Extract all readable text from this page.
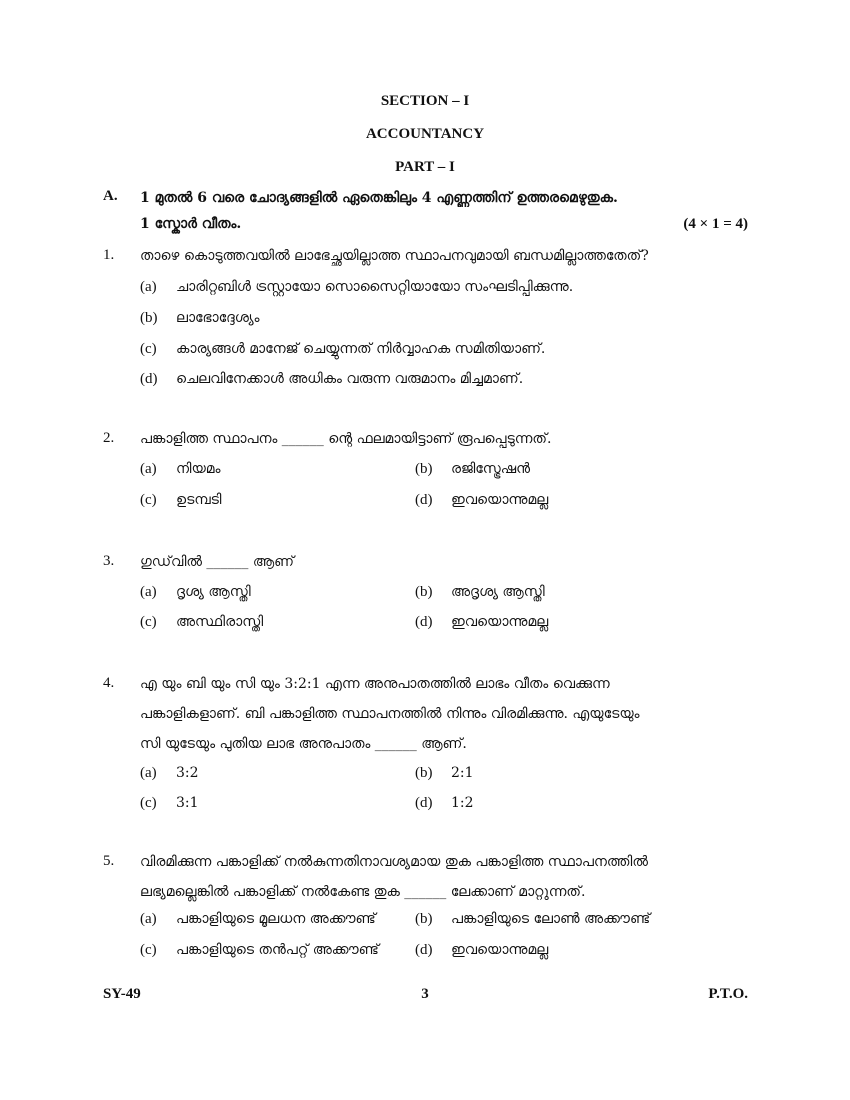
SECTION – I
ACCOUNTANCY
PART – I
A. 1 മുതൽ 6 വരെ ചോദ്യങ്ങളിൽ ഏതെങ്കിലും 4 എണ്ണത്തിന് ഉത്തരമെഴുതുക.
1 സ്കോർ വീതം.	(4 × 1 = 4)
1. താഴെ കൊടുത്തവയിൽ ലാഭേച്ഛയില്ലാത്ത സ്ഥാപനവുമായി ബന്ധമില്ലാത്തതേത്?
(a) ചാരിറ്റബിൾ ട്രസ്റ്റായോ സൊസൈറ്റിയായോ സംഘടിപ്പിക്കുന്നു.
(b) ലാഭോദ്ദേശ്യം
(c) കാര്യങ്ങൾ മാനേജ് ചെയ്യുന്നത് നിർവ്വാഹക സമിതിയാണ്.
(d) ചെലവിനേക്കാൾ അധികം വരുന്ന വരുമാനം മിച്ചമാണ്.
2. പങ്കാളിത്ത സ്ഥാപനം ______ ന്റെ ഫലമായിട്ടാണ് രൂപപ്പെടുന്നത്.
(a) നിയമം	(b) രജിസ്ട്രേഷൻ
(c) ഉടമ്പടി	(d) ഇവയൊന്നുമല്ല
3. ഗുഡ്‌വിൽ ______ ആണ്
(a) ദൃശ്യ ആസ്തി	(b) അദൃശ്യ ആസ്തി
(c) അസ്ഥിരാസ്തി	(d) ഇവയൊന്നുമല്ല
4. എ യും ബി യും സി യും 3:2:1 എന്ന അനുപാതത്തിൽ ലാഭം വീതം വെക്കുന്ന
പങ്കാളികളാണ്. ബി പങ്കാളിത്ത സ്ഥാപനത്തിൽ നിന്നും വിരമിക്കുന്നു. എയുടേയും
സി യുടേയും പുതിയ ലാഭ അനുപാതം ______ ആണ്.
(a) 3:2	(b) 2:1
(c) 3:1	(d) 1:2
5. വിരമിക്കുന്ന പങ്കാളിക്ക് നൽകുന്നതിനാവശ്യമായ തുക പങ്കാളിത്ത സ്ഥാപനത്തിൽ
ലഭ്യമല്ലെങ്കിൽ പങ്കാളിക്ക് നൽകേണ്ട തുക ______ ലേക്കാണ് മാറ്റുന്നത്.
(a) പങ്കാളിയുടെ മൂലധന അക്കൗണ്ട്	(b) പങ്കാളിയുടെ ലോൺ അക്കൗണ്ട്
(c) പങ്കാളിയുടെ തൻപറ്റ് അക്കൗണ്ട് (d) ഇവയൊന്നുമല്ല
SY-49	3	P.T.O.
